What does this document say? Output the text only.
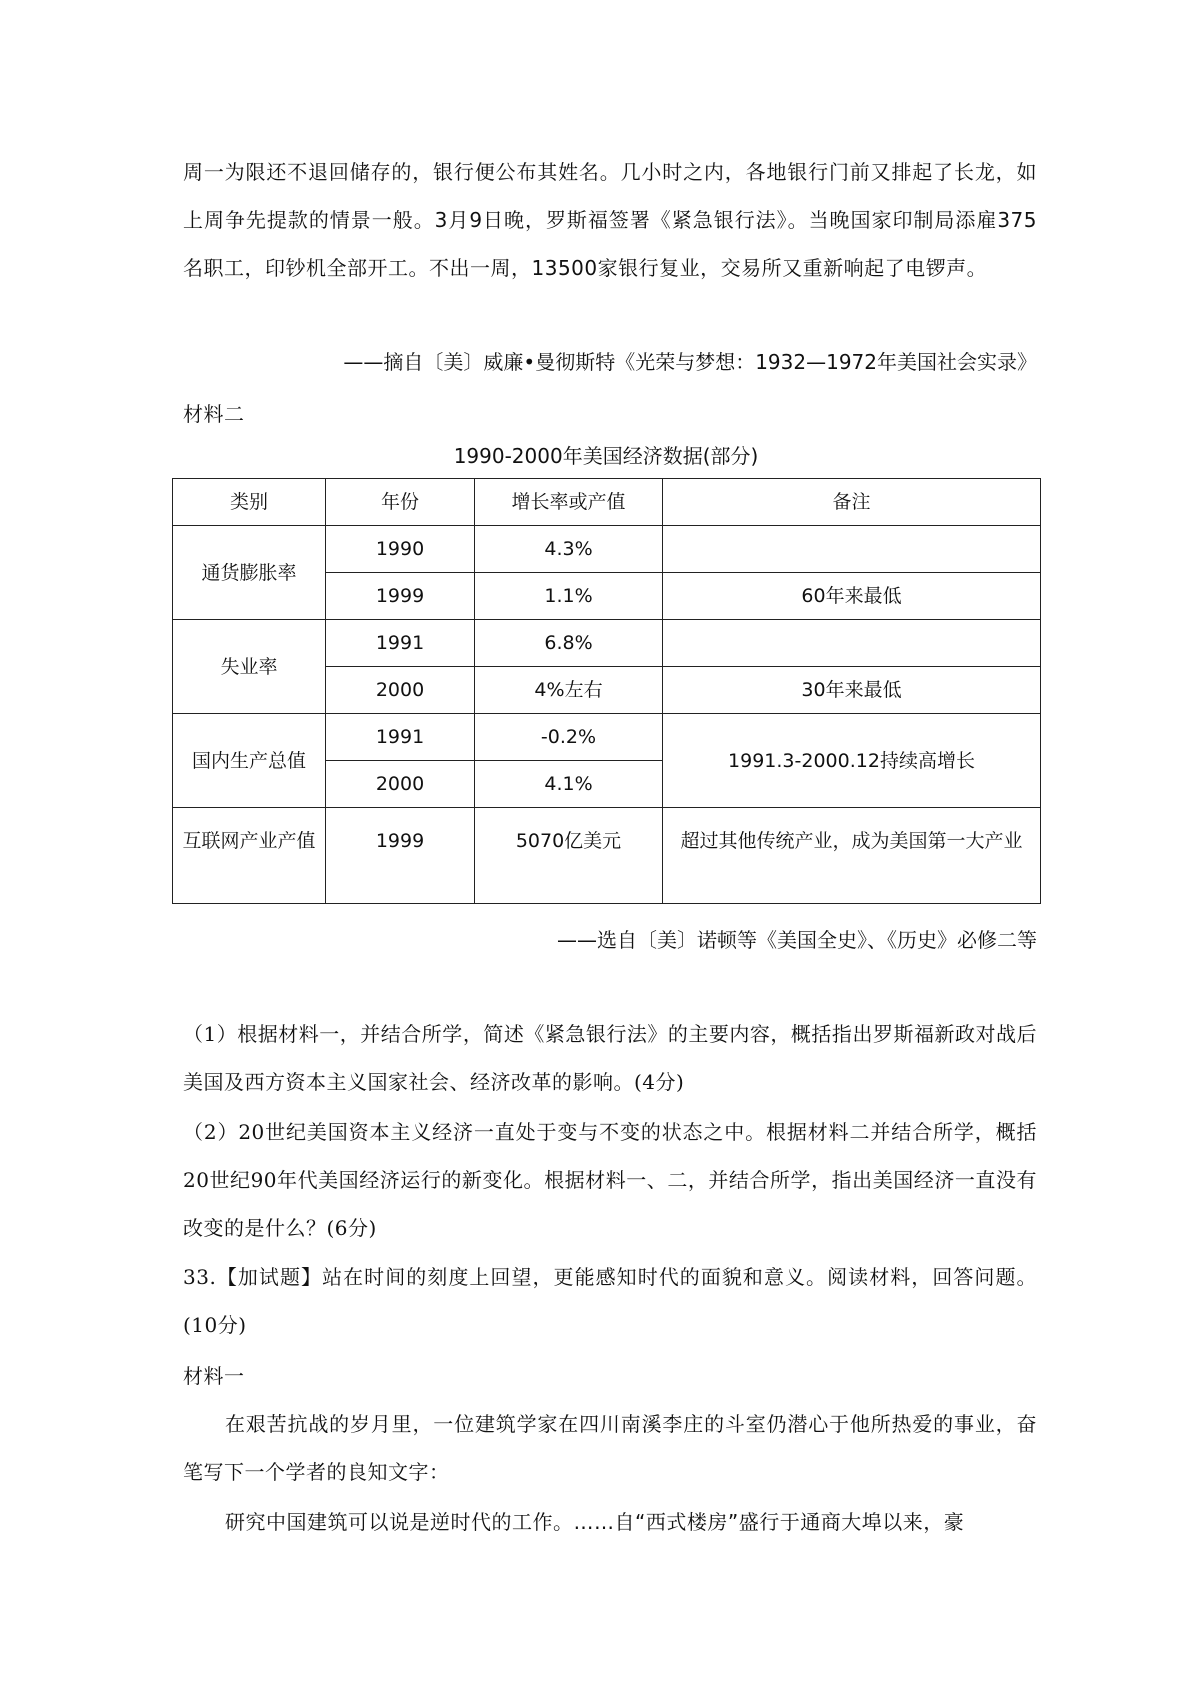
周一为限还不退回储存的，银行便公布其姓名。几小时之内，各地银行门前又排起了长龙，如上周争先提款的情景一般。3月9日晚，罗斯福签署《紧急银行法》。当晚国家印制局添雇375名职工，印钞机全部开工。不出一周，13500家银行复业，交易所又重新响起了电锣声。

——摘自〔美〕威廉•曼彻斯特《光荣与梦想：1932—1972年美国社会实录》

材料二

1990-2000年美国经济数据(部分)
类别	年份	增长率或产值	备注
通货膨胀率	1990	4.3%	
	1999	1.1%	60年来最低
失业率	1991	6.8%	
	2000	4%左右	30年来最低
国内生产总值	1991	-0.2%	1991.3-2000.12持续高增长
	2000	4.1%	
互联网产业产值	1999	5070亿美元	超过其他传统产业，成为美国第一大产业
——选自〔美〕诺顿等《美国全史》、《历史》必修二等

（1）根据材料一，并结合所学，简述《紧急银行法》的主要内容，概括指出罗斯福新政对战后美国及西方资本主义国家社会、经济改革的影响。(4分)

（2）20世纪美国资本主义经济一直处于变与不变的状态之中。根据材料二并结合所学，概括20世纪90年代美国经济运行的新变化。根据材料一、二，并结合所学，指出美国经济一直没有改变的是什么？(6分)

33.【加试题】站在时间的刻度上回望，更能感知时代的面貌和意义。阅读材料，回答问题。(10分)

材料一

在艰苦抗战的岁月里，一位建筑学家在四川南溪李庄的斗室仍潜心于他所热爱的事业，奋笔写下一个学者的良知文字：

研究中国建筑可以说是逆时代的工作。……自“西式楼房”盛行于通商大埠以来，豪
